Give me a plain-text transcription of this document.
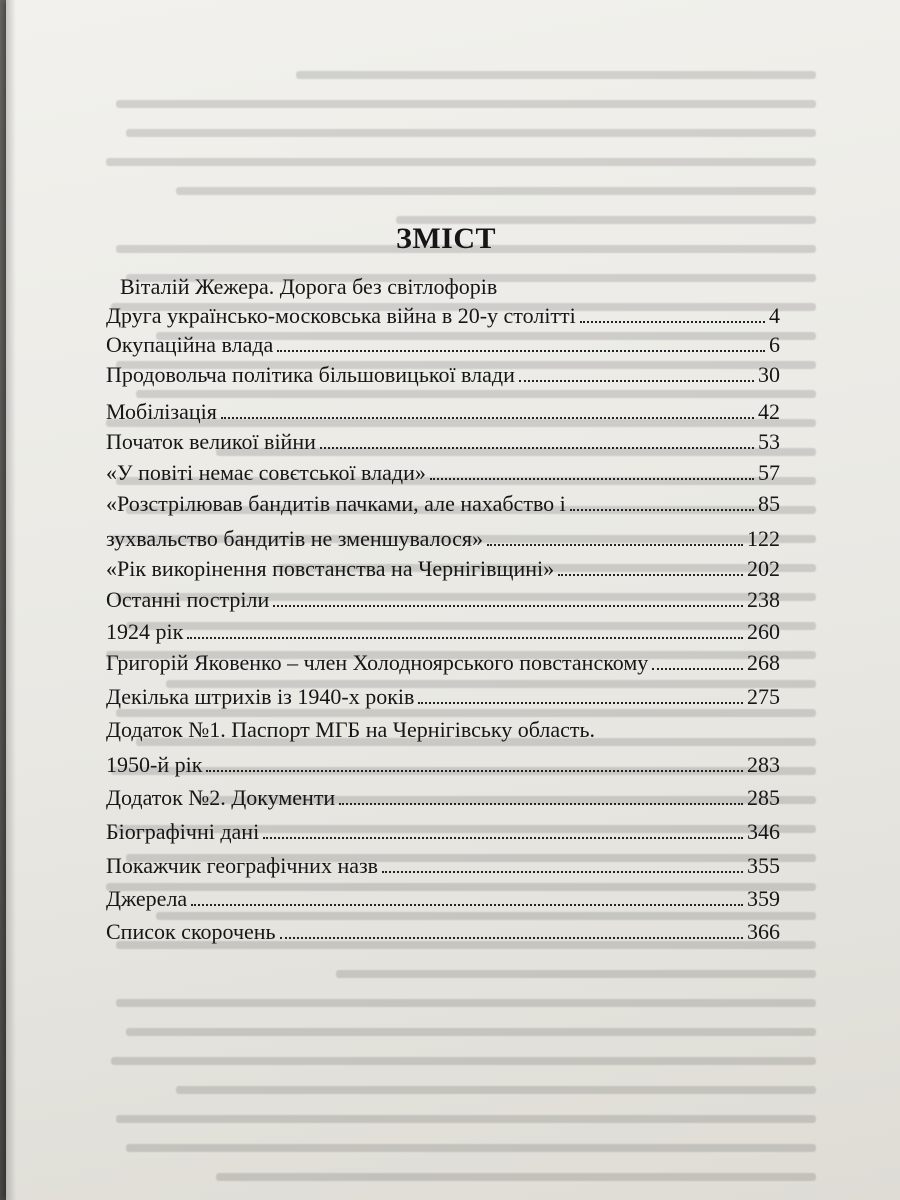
ЗМІСТ
Віталій Жежера. Дорога без світлофорів
Друга українсько-московська війна в 20-у столітті	4
Окупаційна влада	6
Продовольча політика більшовицької влади	30
Мобілізація	42
Початок великої війни	53
«У повіті немає совєтської влади»	57
«Розстрілював бандитів пачками, але нахабство і	85
зухвальство бандитів не зменшувалося»	122
«Рік викорінення повстанства на Чернігівщині»	202
Останні постріли	238
1924 рік	260
Григорій Яковенко – член Холодноярського повстанскому	268
Декілька штрихів із 1940-х років	275
Додаток №1. Паспорт МГБ на Чернігівську область.
1950-й рік	283
Додаток №2. Документи	285
Біографічні дані	346
Покажчик географічних назв	355
Джерела	359
Список скорочень	366
